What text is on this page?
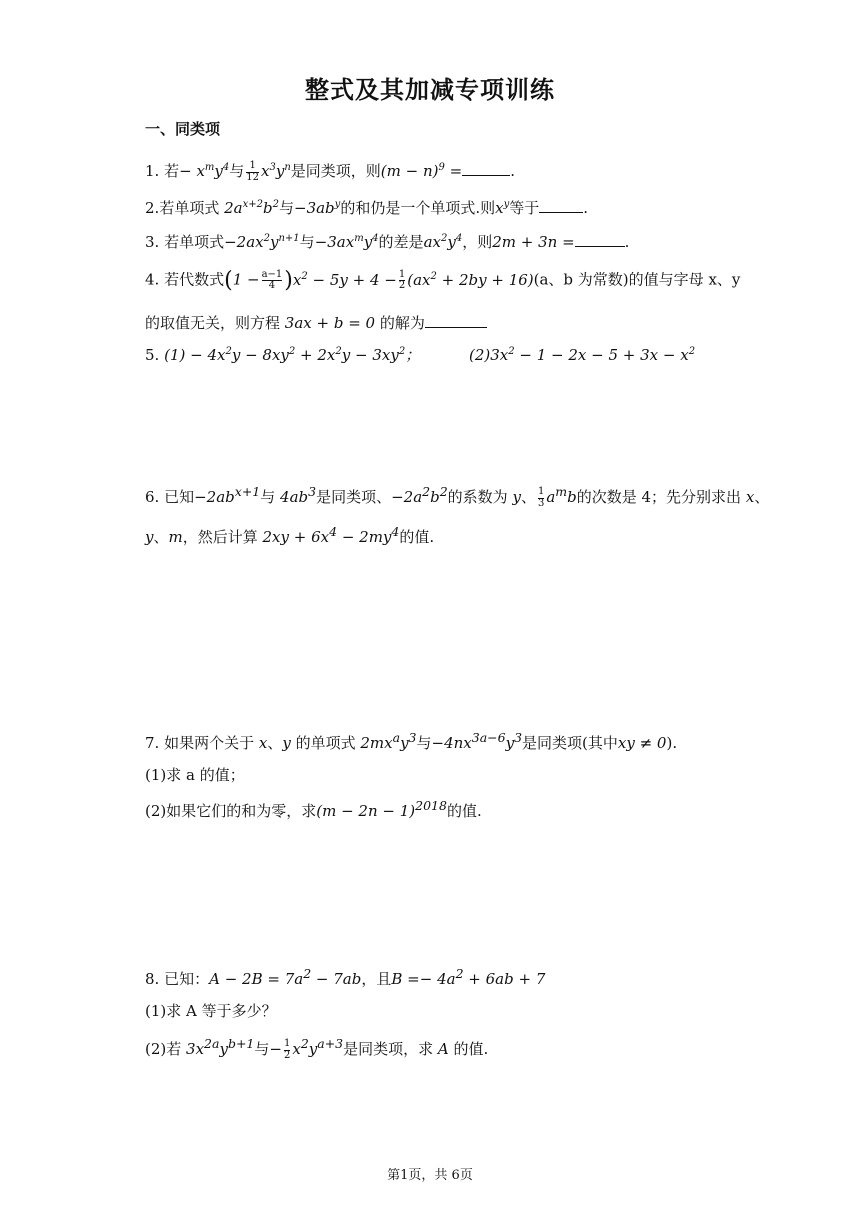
整式及其加减专项训练
一、同类项
1. 若− $x^my^4$与 $\frac{1}{12} x^3y^n$是同类项，则$(m - n)^9$ =	.
2.若单项式 $2a^{x+2}b^2$与$-3ab^y$的和仍是一个单项式.则$x^y$等于	.
3. 若单项式$-2ax^2y^{n+1}$与$-3ax^my^4$的差是$ax^2y^4$，则2m + 3n =	.
4. 若代数式$(1 - \frac{a-1}{4} )x^2 - 5y + 4 - \frac{1}{2} (ax^2 + 2by + 16)(a$、b 为常数)的值与字母 x、y
的取值无关，则方程 3ax + b = 0 的解为
5. $(1) - 4x^2y - 8xy^2 + 2x^2y - 3xy^2$；	$(2)3x^2 - 1 - 2x - 5 + 3x - x^2$
6. 已知$-2ab^{x+1}$与 $4ab^3$是同类项、$-2a^2b^2$的系数为 y、 $\frac{1}{3} a^mb$的次数是 4；先分别求出 x、
y、m，然后计算 $2xy + 6x^4 - 2my^4$的值.
7. 如果两个关于 x、y 的单项式 $2mx^ay^3$与$-4nx^{3a-6}y^3$是同类项(其中xy ≠ 0).
(1)求 a 的值；
(2)如果它们的和为零，求$(m - 2n - 1)^{2018}$的值.
8. 已知：$A - 2B = 7a^2 - 7ab$，且$B =- 4a^2 + 6ab + 7$
(1)求 A 等于多少？
(2)若 $3x^{2a}y^{b+1}$与− $\frac{1}{2} x^2y^{a+3}$是同类项，求 A 的值.
第1页，共 6页
